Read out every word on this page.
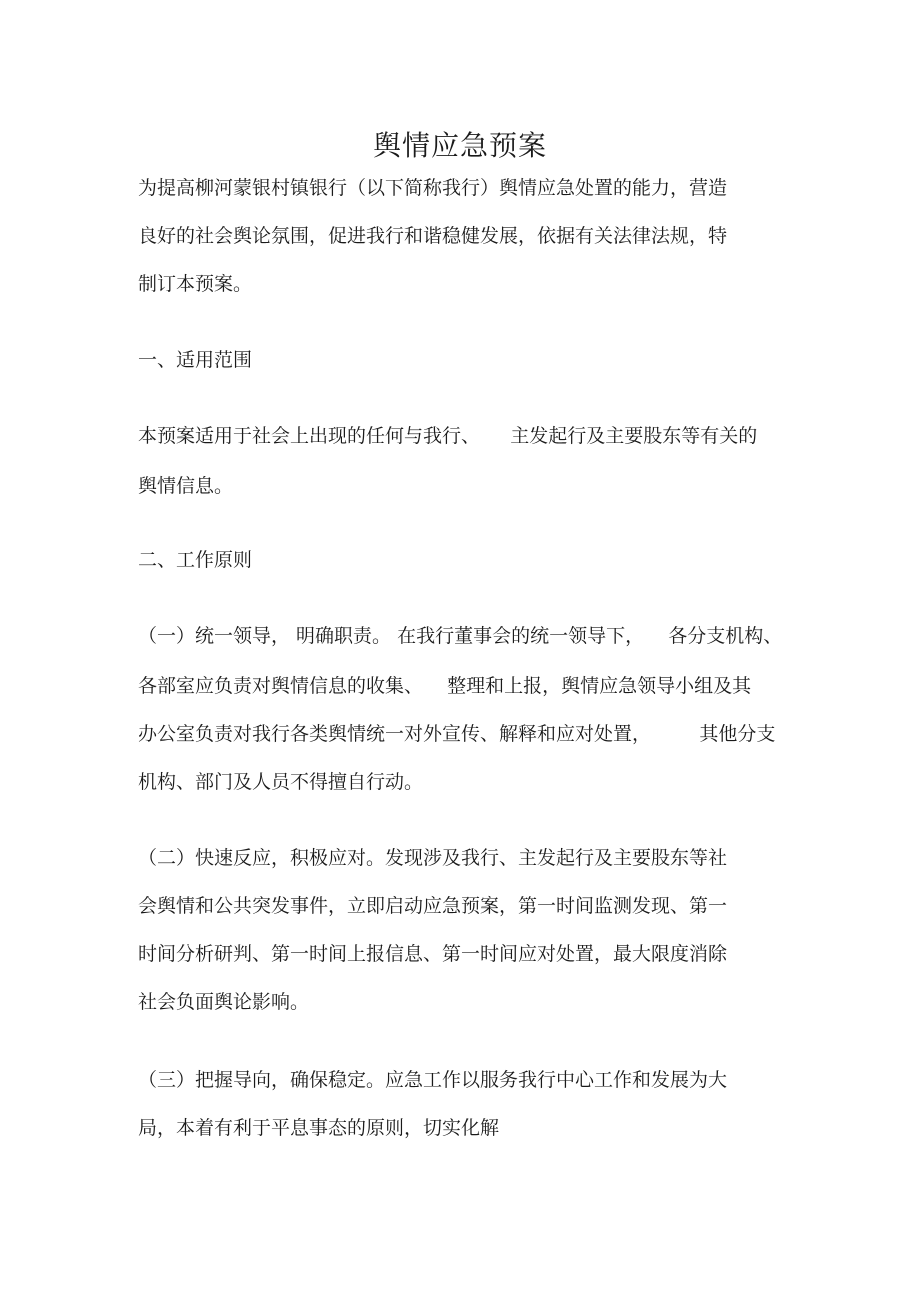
舆情应急预案
为提高柳河蒙银村镇银行（以下简称我行）舆情应急处置的能力，营造
良好的社会舆论氛围，促进我行和谐稳健发展，依据有关法律法规，特
制订本预案。
一、适用范围
本预案适用于社会上出现的任何与我行、     主发起行及主要股东等有关的
舆情信息。
二、工作原则
（一）统一领导， 明确职责。 在我行董事会的统一领导下，    各分支机构、
各部室应负责对舆情信息的收集、    整理和上报，舆情应急领导小组及其
办公室负责对我行各类舆情统一对外宣传、解释和应对处置，        其他分支
机构、部门及人员不得擅自行动。
（二）快速反应，积极应对。发现涉及我行、主发起行及主要股东等社
会舆情和公共突发事件，立即启动应急预案，第一时间监测发现、第一
时间分析研判、第一时间上报信息、第一时间应对处置，最大限度消除
社会负面舆论影响。
（三）把握导向，确保稳定。应急工作以服务我行中心工作和发展为大
局，本着有利于平息事态的原则，切实化解
